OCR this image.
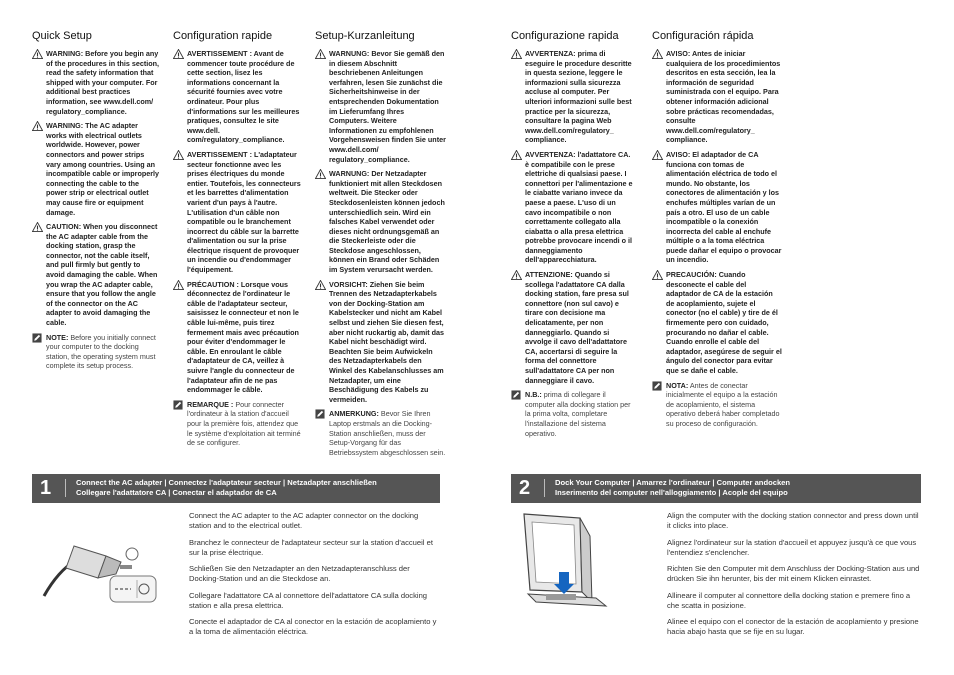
Quick Setup
WARNING: Before you begin any of the procedures in this section, read the safety information that shipped with your computer. For additional best practices information, see www.dell.com/ regulatory_compliance.
WARNING: The AC adapter works with electrical outlets worldwide. However, power connectors and power strips vary among countries. Using an incompatible cable or improperly connecting the cable to the power strip or electrical outlet may cause fire or equipment damage.
CAUTION: When you disconnect the AC adapter cable from the docking station, grasp the connector, not the cable itself, and pull firmly but gently to avoid damaging the cable. When you wrap the AC adapter cable, ensure that you follow the angle of the connector on the AC adapter to avoid damaging the cable.
NOTE: Before you initially connect your computer to the docking station, the operating system must complete its setup process.
Configuration rapide
AVERTISSEMENT : Avant de commencer toute procédure de cette section, lisez les informations concernant la sécurité fournies avec votre ordinateur. Pour plus d'informations sur les meilleures pratiques, consultez le site www.dell. com/regulatory_compliance.
AVERTISSEMENT : L'adaptateur secteur fonctionne avec les prises électriques du monde entier. Toutefois, les connecteurs et les barrettes d'alimentation varient d'un pays à l'autre. L'utilisation d'un câble non compatible ou le branchement incorrect du câble sur la barrette d'alimentation ou sur la prise électrique risquent de provoquer un incendie ou d'endommager l'équipement.
PRÉCAUTION : Lorsque vous déconnectez de l'ordinateur le câble de l'adaptateur secteur, saisissez le connecteur et non le câble lui-même, puis tirez fermement mais avec précaution pour éviter d'endommager le câble. En enroulant le câble d'adaptateur de CA, veillez à suivre l'angle du connecteur de l'adaptateur afin de ne pas endommager le câble.
REMARQUE : Pour connecter l'ordinateur à la station d'accueil pour la première fois, attendez que le système d'exploitation ait terminé de se configurer.
Setup-Kurzanleitung
WARNUNG: Bevor Sie gemäß den in diesem Abschnitt beschriebenen Anleitungen verfahren, lesen Sie zunächst die Sicherheitshinweise in der entsprechenden Dokumentation im Lieferumfang Ihres Computers. Weitere Informationen zu empfohlenen Vorgehensweisen finden Sie unter www.dell.com/ regulatory_compliance.
WARNUNG: Der Netzadapter funktioniert mit allen Steckdosen weltweit. Die Stecker oder Steckdosenleisten können jedoch unterschiedlich sein. Wird ein falsches Kabel verwendet oder dieses nicht ordnungsgemäß an die Steckerleiste oder die Steckdose angeschlossen, können ein Brand oder Schäden im System verursacht werden.
VORSICHT: Ziehen Sie beim Trennen des Netzadapterkabels von der Docking-Station am Kabelstecker und nicht am Kabel selbst und ziehen Sie diesen fest, aber nicht ruckartig ab, damit das Kabel nicht beschädigt wird. Beachten Sie beim Aufwickeln des Netzadapterkabels den Winkel des Kabelanschlusses am Netzadapter, um eine Beschädigung des Kabels zu vermeiden.
ANMERKUNG: Bevor Sie Ihren Laptop erstmals an die Docking-Station anschließen, muss der Setup-Vorgang für das Betriebssystem abgeschlossen sein.
Configurazione rapida
AVVERTENZA: prima di eseguire le procedure descritte in questa sezione, leggere le informazioni sulla sicurezza accluse al computer. Per ulteriori informazioni sulle best practice per la sicurezza, consultare la pagina Web www.dell.com/regulatory_ compliance.
AVVERTENZA: l'adattatore CA. è compatibile con le prese elettriche di qualsiasi paese. I connettori per l'alimentazione e le ciabatte variano invece da paese a paese. L'uso di un cavo incompatibile o non correttamente collegato alla ciabatta o alla presa elettrica potrebbe provocare incendi o il danneggiamento dell'apparecchiatura.
ATTENZIONE: Quando si scollega l'adattatore CA dalla docking station, fare presa sul connettore (non sul cavo) e tirare con decisione ma delicatamente, per non danneggiarlo. Quando si avvolge il cavo dell'adattatore CA, accertarsi di seguire la forma del connettore sull'adattatore CA per non danneggiare il cavo.
N.B.: prima di collegare il computer alla docking station per la prima volta, completare l'installazione del sistema operativo.
Configuración rápida
AVISO: Antes de iniciar cualquiera de los procedimientos descritos en esta sección, lea la información de seguridad suministrada con el equipo. Para obtener información adicional sobre prácticas recomendadas, consulte www.dell.com/regulatory_ compliance.
AVISO: El adaptador de CA funciona con tomas de alimentación eléctrica de todo el mundo. No obstante, los conectores de alimentación y los enchufes múltiples varían de un país a otro. El uso de un cable incompatible o la conexión incorrecta del cable al enchufe múltiple o a la toma eléctrica puede dañar el equipo o provocar un incendio.
PRECAUCIÓN: Cuando desconecte el cable del adaptador de CA de la estación de acoplamiento, sujete el conector (no el cable) y tire de él firmemente pero con cuidado, procurando no dañar el cable. Cuando enrolle el cable del adaptador, asegúrese de seguir el ángulo del conector para evitar que se dañe el cable.
NOTA: Antes de conectar inicialmente el equipo a la estación de acoplamiento, el sistema operativo deberá haber completado su proceso de configuración.
1	Connect the AC adapter | Connectez l'adaptateur secteur | Netzadapter anschließen
Collegare l'adattatore CA | Conectar el adaptador de CA	2	Dock Your Computer | Amarrez l'ordinateur | Computer andocken
Inserimento del computer nell'alloggiamento | Acople del equipo

Connect the AC adapter to the AC adapter connector on the docking station and to the electrical outlet.

Branchez le connecteur de l'adaptateur secteur sur la station d'accueil et sur la prise électrique.

Schließen Sie den Netzadapter an den Netzadapteranschluss der Docking-Station und an die Steckdose an.

Collegare l'adattatore CA al connettore dell'adattatore CA sulla docking station e alla presa elettrica.

Conecte el adaptador de CA al conector en la estación de acoplamiento y a la toma de alimentación eléctrica.

Align the computer with the docking station connector and press down until it clicks into place.

Alignez l'ordinateur sur la station d'accueil et appuyez jusqu'à ce que vous l'entendiez s'enclencher.

Richten Sie den Computer mit dem Anschluss der Docking-Station aus und drücken Sie ihn herunter, bis der mit einem Klicken einrastet.

Allineare il computer al connettore della docking station e premere fino a che scatta in posizione.

Alinee el equipo con el conector de la estación de acoplamiento y presione hacia abajo hasta que se fije en su lugar.
